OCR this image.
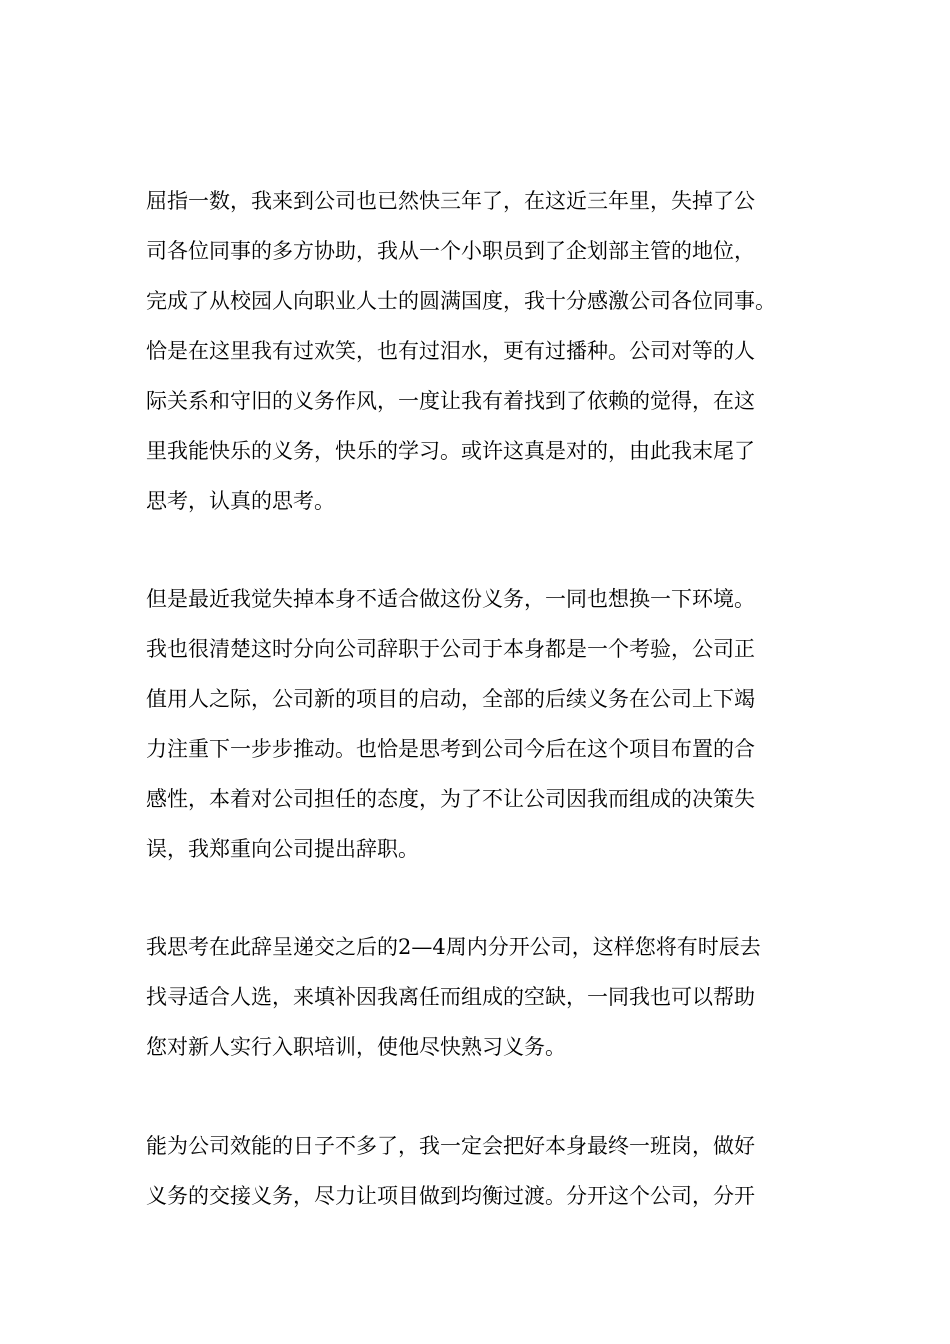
屈指一数，我来到公司也已然快三年了，在这近三年里，失掉了公
司各位同事的多方协助，我从一个小职员到了企划部主管的地位，
完成了从校园人向职业人士的圆满国度，我十分感激公司各位同事。
恰是在这里我有过欢笑，也有过泪水，更有过播种。公司对等的人
际关系和守旧的义务作风，一度让我有着找到了依赖的觉得，在这
里我能快乐的义务，快乐的学习。或许这真是对的，由此我末尾了
思考，认真的思考。
但是最近我觉失掉本身不适合做这份义务，一同也想换一下环境。
我也很清楚这时分向公司辞职于公司于本身都是一个考验，公司正
值用人之际，公司新的项目的启动，全部的后续义务在公司上下竭
力注重下一步步推动。也恰是思考到公司今后在这个项目布置的合
感性，本着对公司担任的态度，为了不让公司因我而组成的决策失
误，我郑重向公司提出辞职。
我思考在此辞呈递交之后的2—4周内分开公司，这样您将有时辰去
找寻适合人选，来填补因我离任而组成的空缺，一同我也可以帮助
您对新人实行入职培训，使他尽快熟习义务。
能为公司效能的日子不多了，我一定会把好本身最终一班岗，做好
义务的交接义务，尽力让项目做到均衡过渡。分开这个公司，分开
